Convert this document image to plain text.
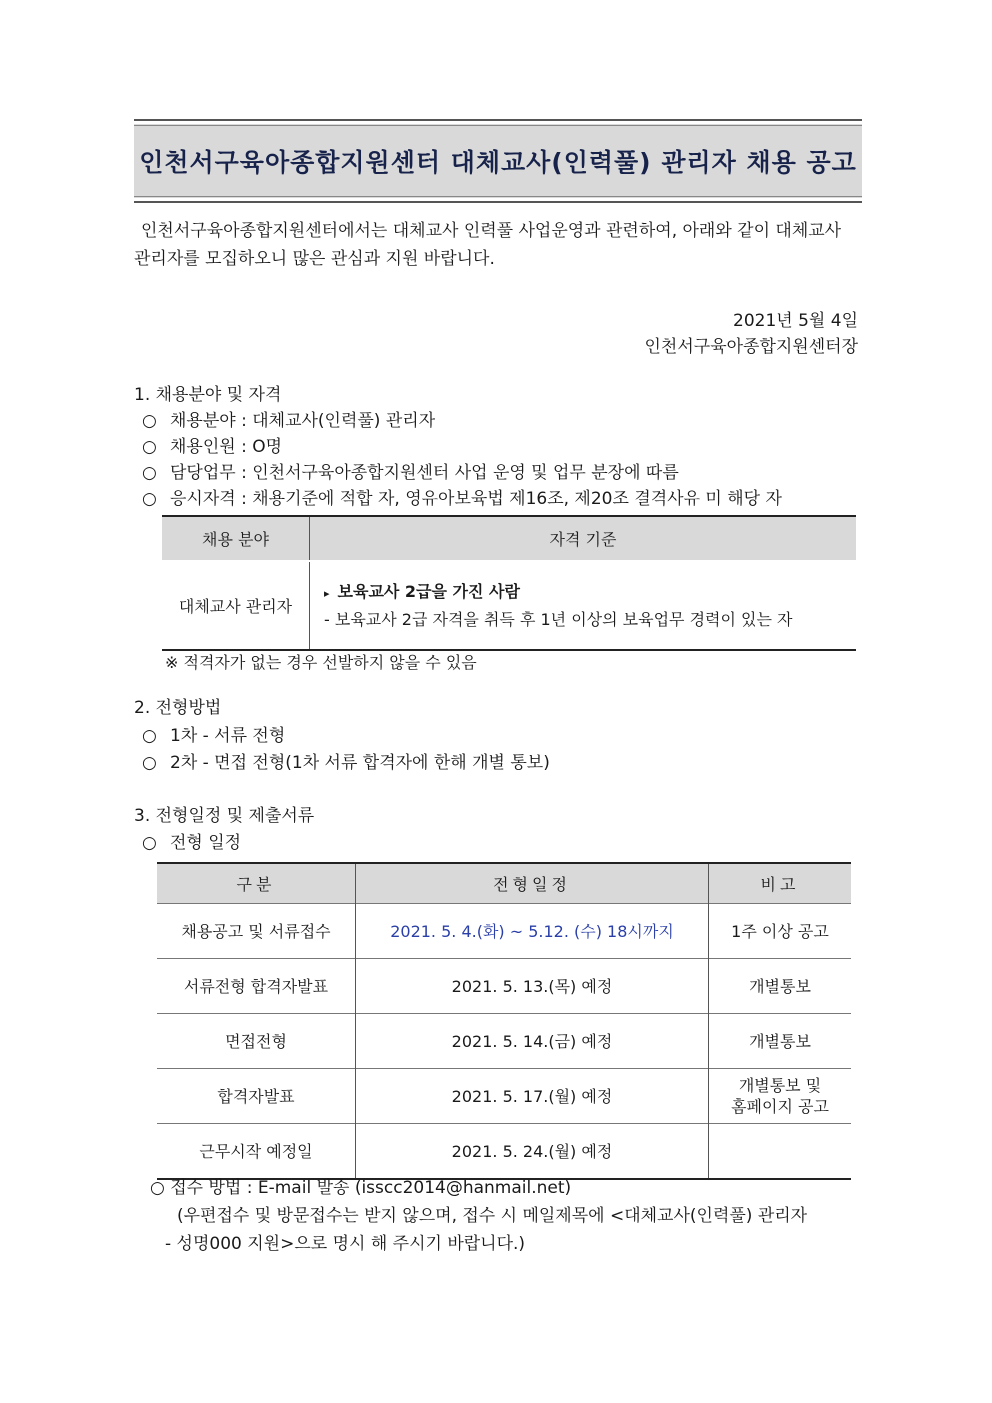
인천서구육아종합지원센터 대체교사(인력풀) 관리자 채용 공고
인천서구육아종합지원센터에서는 대체교사 인력풀 사업운영과 관련하여, 아래와 같이 대체교사
관리자를 모집하오니 많은 관심과 지원 바랍니다.
2021년 5월 4일
인천서구육아종합지원센터장
1. 채용분야 및 자격
○ 채용분야 : 대체교사(인력풀) 관리자
○ 채용인원 : O명
○ 담당업무 : 인천서구육아종합지원센터 사업 운영 및 업무 분장에 따름
○ 응시자격 : 채용기준에 적합 자, 영유아보육법 제16조, 제20조 결격사유 미 해당 자
채용 분야	자격 기준
대체교사 관리자	▸ 보육교사 2급을 가진 사람
- 보육교사 2급 자격을 취득 후 1년 이상의 보육업무 경력이 있는 자
※ 적격자가 없는 경우 선발하지 않을 수 있음
2. 전형방법
○ 1차 - 서류 전형
○ 2차 - 면접 전형(1차 서류 합격자에 한해 개별 통보)
3. 전형일정 및 제출서류
○ 전형 일정
구분	전형일정	비고
채용공고 및 서류접수	2021. 5. 4.(화) ~ 5.12. (수) 18시까지	1주 이상 공고
서류전형 합격자발표	2021. 5. 13.(목) 예정	개별통보
면접전형	2021. 5. 14.(금) 예정	개별통보
합격자발표	2021. 5. 17.(월) 예정	개별통보 및
홈페이지 공고

근무시작 예정일	2021. 5. 24.(월) 예정	
○ 접수 방법 : E-mail 발송 (isscc2014@hanmail.net)
(우편접수 및 방문접수는 받지 않으며, 접수 시 메일제목에 <대체교사(인력풀) 관리자
- 성명000 지원>으로 명시 해 주시기 바랍니다.)
